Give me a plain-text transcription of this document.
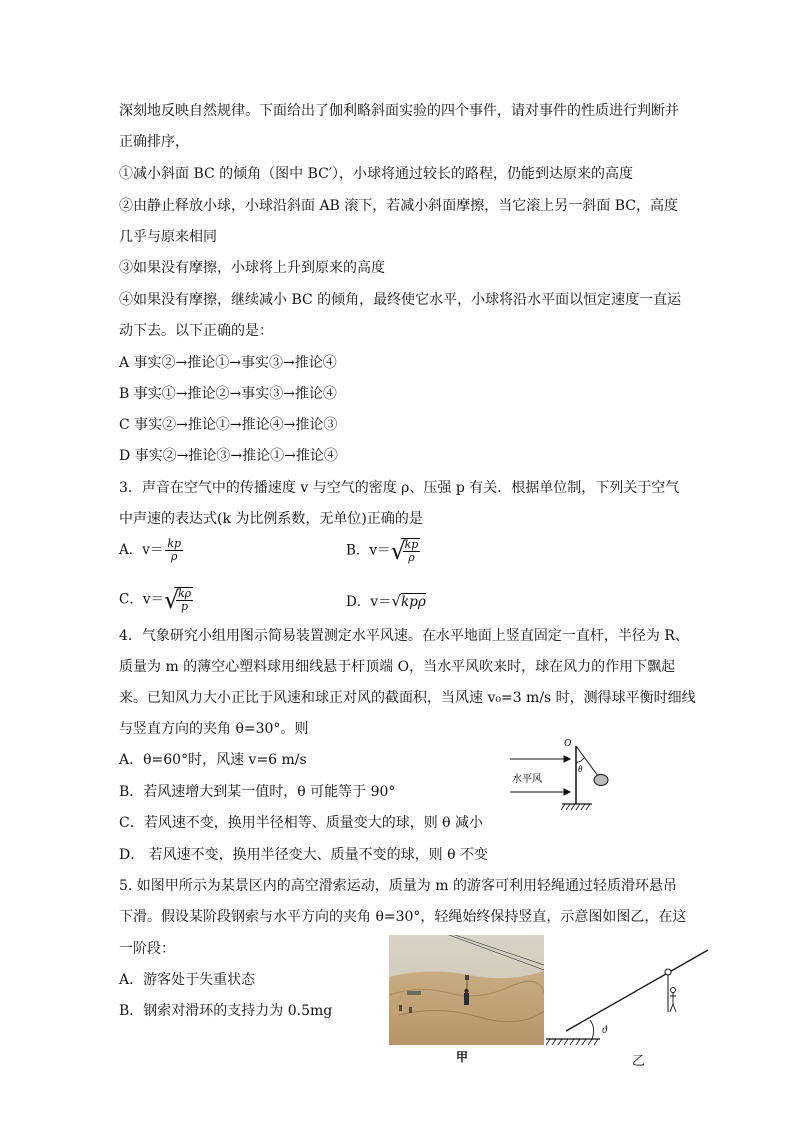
深刻地反映自然规律。下面给出了伽利略斜面实验的四个事件，请对事件的性质进行判断并
正确排序，
①减小斜面 BC 的倾角（图中 BC′），小球将通过较长的路程，仍能到达原来的高度
②由静止释放小球，小球沿斜面 AB 滚下，若减小斜面摩擦，当它滚上另一斜面 BC，高度
几乎与原来相同
③如果没有摩擦，小球将上升到原来的高度
④如果没有摩擦，继续减小 BC 的倾角，最终使它水平，小球将沿水平面以恒定速度一直运
动下去。以下正确的是：
A 事实②→推论①→事实③→推论④
B 事实①→推论②→事实③→推论④
C 事实②→推论①→推论④→推论③
D 事实②→推论③→推论①→推论④
3．声音在空气中的传播速度 v 与空气的密度 ρ、压强 p 有关．根据单位制，下列关于空气
中声速的表达式(k 为比例系数，无单位)正确的是
A．$v= \frac{kp}{\rho}$	B．v＝ √
$\frac{kp}{\rho}$
C．v＝ √
$\frac{k\rho}{p}$	D．v＝√kpρ
4．气象研究小组用图示简易装置测定水平风速。在水平地面上竖直固定一直杆，半径为 R、
质量为 m 的薄空心塑料球用细线悬于杆顶端 O，当水平风吹来时，球在风力的作用下飘起
来。已知风力大小正比于风速和球正对风的截面积，当风速 v₀=3 m/s 时，测得球平衡时细线
与竖直方向的夹角 θ=30°。则
A．θ=60°时，风速 v=6 m/s
B．若风速增大到某一值时，θ 可能等于 90°
C．若风速不变，换用半径相等、质量变大的球，则 θ 减小
D． 若风速不变，换用半径变大、质量不变的球，则 θ 不变
O
θ
水平风
5. 如图甲所示为某景区内的高空滑索运动，质量为 m 的游客可利用轻绳通过轻质滑环悬吊
下滑。假设某阶段钢索与水平方向的夹角 θ=30°，轻绳始终保持竖直，示意图如图乙，在这
一阶段：
A．游客处于失重状态
B．钢索对滑环的支持力为 0.5mg
甲
ϑ
乙
